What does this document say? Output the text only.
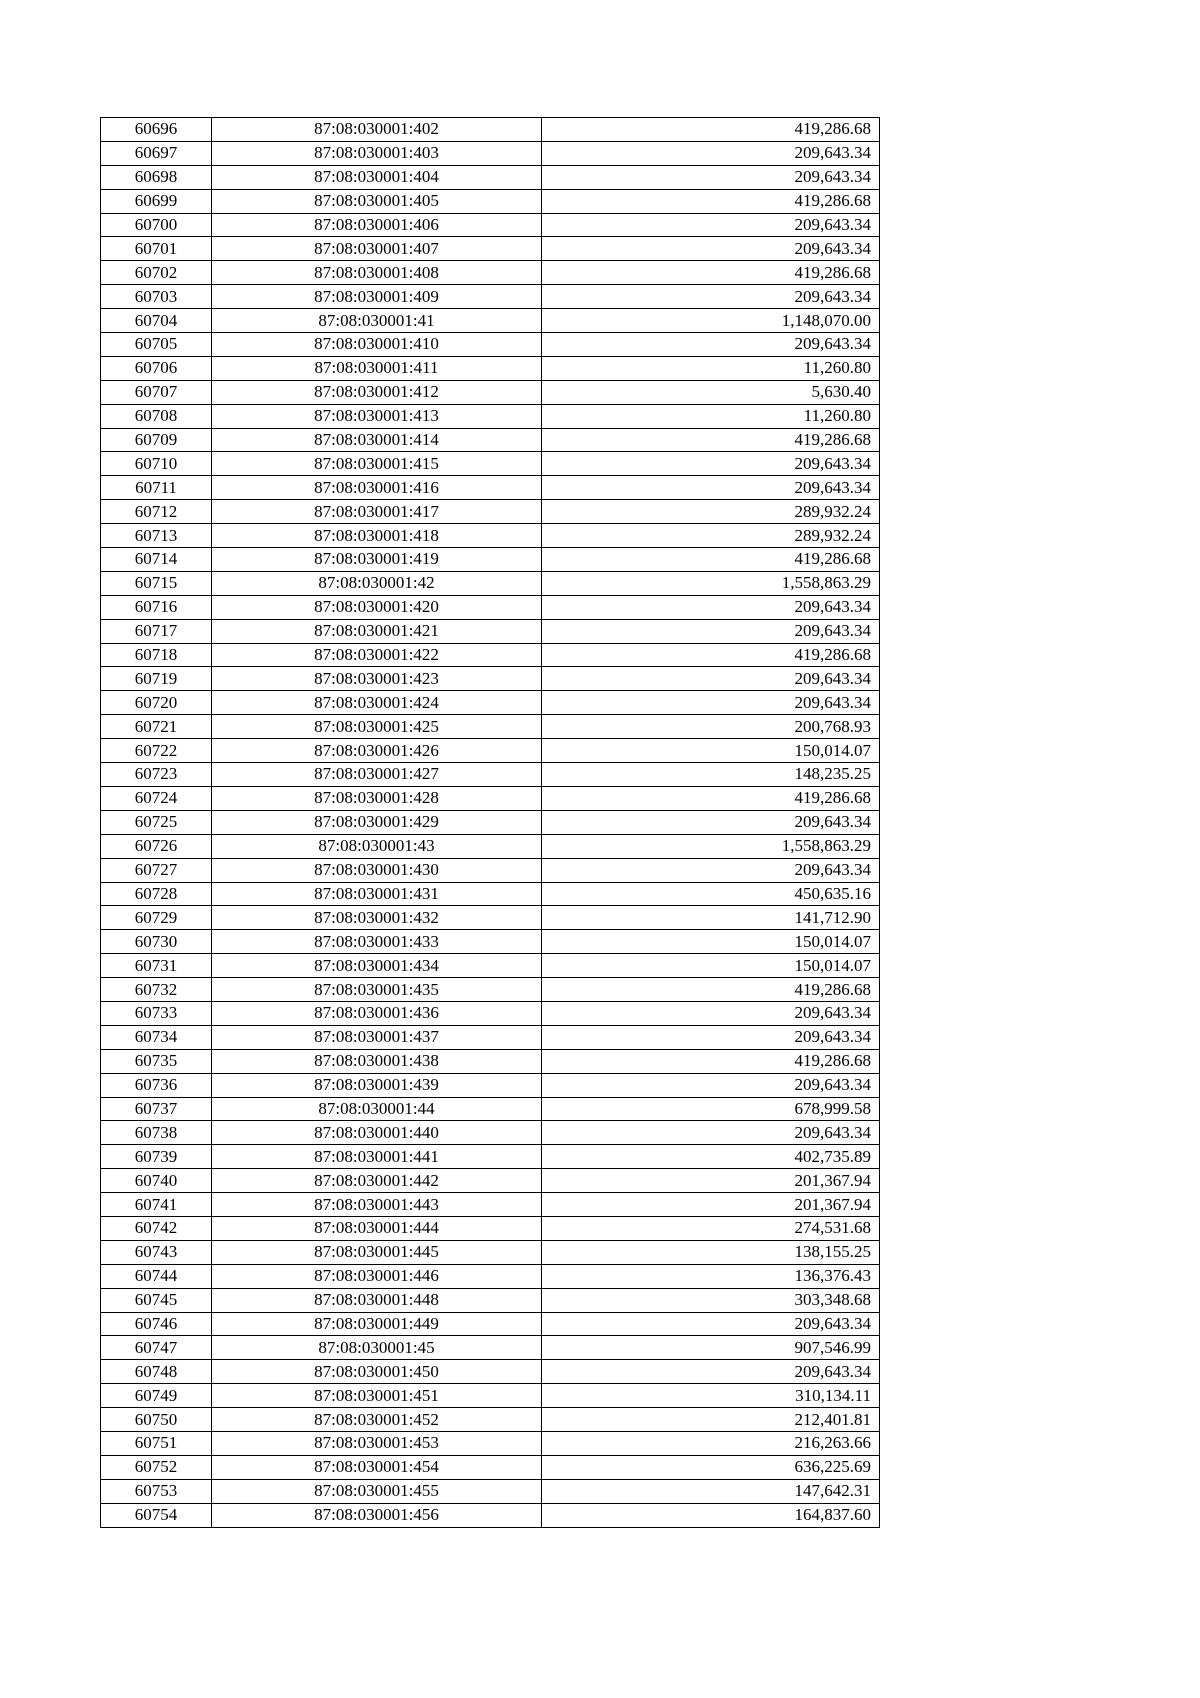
60696	87:08:030001:402	419,286.68
60697	87:08:030001:403	209,643.34
60698	87:08:030001:404	209,643.34
60699	87:08:030001:405	419,286.68
60700	87:08:030001:406	209,643.34
60701	87:08:030001:407	209,643.34
60702	87:08:030001:408	419,286.68
60703	87:08:030001:409	209,643.34
60704	87:08:030001:41	1,148,070.00
60705	87:08:030001:410	209,643.34
60706	87:08:030001:411	11,260.80
60707	87:08:030001:412	5,630.40
60708	87:08:030001:413	11,260.80
60709	87:08:030001:414	419,286.68
60710	87:08:030001:415	209,643.34
60711	87:08:030001:416	209,643.34
60712	87:08:030001:417	289,932.24
60713	87:08:030001:418	289,932.24
60714	87:08:030001:419	419,286.68
60715	87:08:030001:42	1,558,863.29
60716	87:08:030001:420	209,643.34
60717	87:08:030001:421	209,643.34
60718	87:08:030001:422	419,286.68
60719	87:08:030001:423	209,643.34
60720	87:08:030001:424	209,643.34
60721	87:08:030001:425	200,768.93
60722	87:08:030001:426	150,014.07
60723	87:08:030001:427	148,235.25
60724	87:08:030001:428	419,286.68
60725	87:08:030001:429	209,643.34
60726	87:08:030001:43	1,558,863.29
60727	87:08:030001:430	209,643.34
60728	87:08:030001:431	450,635.16
60729	87:08:030001:432	141,712.90
60730	87:08:030001:433	150,014.07
60731	87:08:030001:434	150,014.07
60732	87:08:030001:435	419,286.68
60733	87:08:030001:436	209,643.34
60734	87:08:030001:437	209,643.34
60735	87:08:030001:438	419,286.68
60736	87:08:030001:439	209,643.34
60737	87:08:030001:44	678,999.58
60738	87:08:030001:440	209,643.34
60739	87:08:030001:441	402,735.89
60740	87:08:030001:442	201,367.94
60741	87:08:030001:443	201,367.94
60742	87:08:030001:444	274,531.68
60743	87:08:030001:445	138,155.25
60744	87:08:030001:446	136,376.43
60745	87:08:030001:448	303,348.68
60746	87:08:030001:449	209,643.34
60747	87:08:030001:45	907,546.99
60748	87:08:030001:450	209,643.34
60749	87:08:030001:451	310,134.11
60750	87:08:030001:452	212,401.81
60751	87:08:030001:453	216,263.66
60752	87:08:030001:454	636,225.69
60753	87:08:030001:455	147,642.31
60754	87:08:030001:456	164,837.60
